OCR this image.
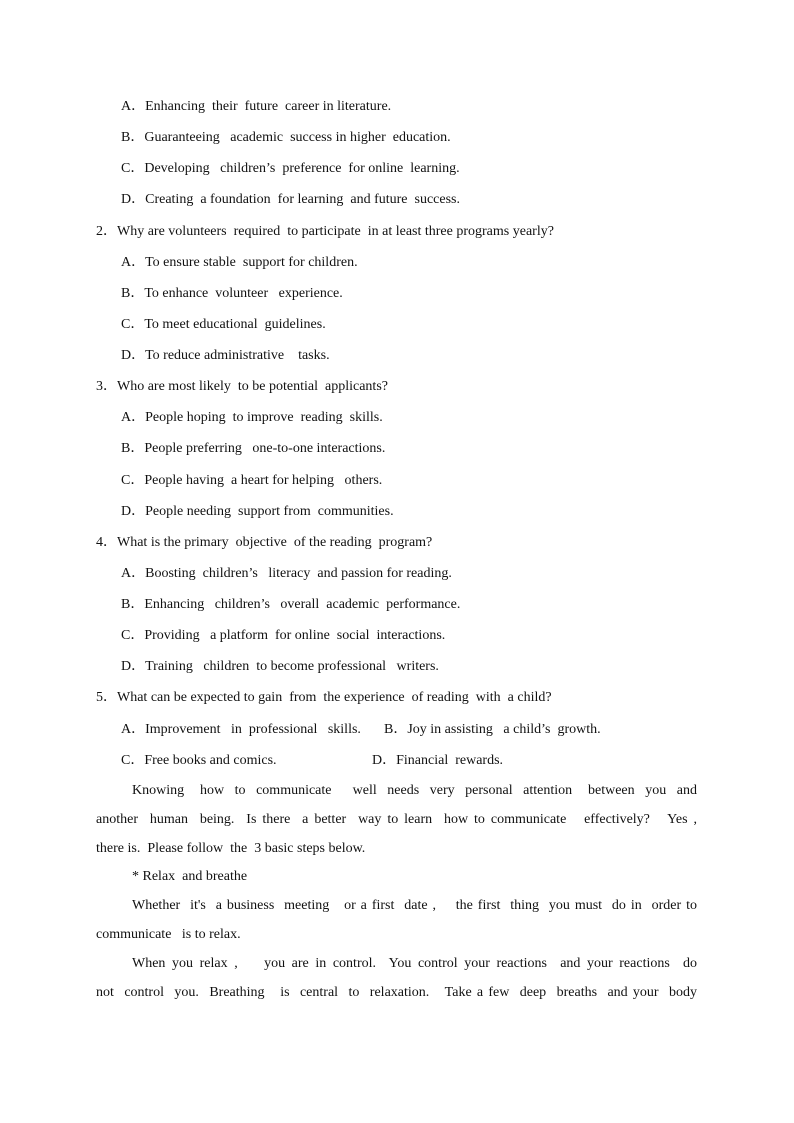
A．Enhancing  their  future  career in literature.
B．Guaranteeing   academic  success in higher  education.
C．Developing   children’s  preference  for online  learning.
D．Creating  a foundation  for learning  and future  success.
2．Why are volunteers  required  to participate  in at least three programs yearly?
A．To ensure stable  support for children.
B．To enhance  volunteer   experience.
C．To meet educational  guidelines.
D．To reduce administrative    tasks.
3．Who are most likely  to be potential  applicants?
A．People hoping  to improve  reading  skills.
B．People preferring   one-to-one interactions.
C．People having  a heart for helping   others.
D．People needing  support from  communities.
4．What is the primary  objective  of the reading  program?
A．Boosting  children’s   literacy  and passion for reading.
B．Enhancing   children’s   overall  academic  performance.
C．Providing   a platform  for online  social  interactions.
D．Training   children  to become professional   writers.
5．What can be expected to gain  from  the experience  of reading  with  a child?
A．Improvement   in  professional   skills. B．Joy in assisting   a child’s  growth.
C．Free books and comics.	D．Financial  rewards.
Knowing   how  to  communicate    well  needs  very  personal  attention   between  you  and
another  human  being.  Is there  a better  way to learn  how to communicate   effectively?   Yes ,
there is.  Please follow  the  3 basic steps below.
* Relax  and breathe
Whether  it's  a business  meeting   or a first  date ,    the first  thing  you must  do in  order to
communicate   is to relax.
When you relax ,    you are in control.  You control your reactions  and your reactions  do
not  control  you.  Breathing   is  central  to  relaxation.   Take a few  deep  breaths  and your  body
